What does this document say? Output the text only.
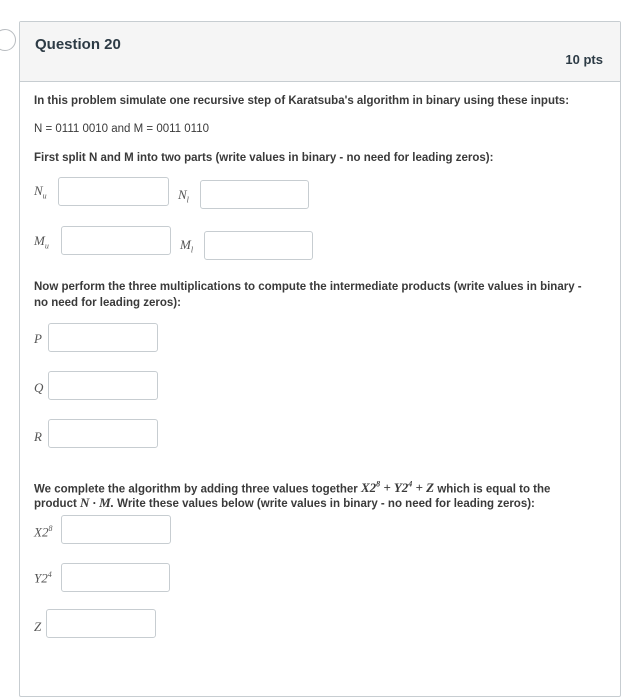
Question 20
10 pts
In this problem simulate one recursive step of Karatsuba's algorithm in binary using these inputs:
N = 0111 0010 and M = 0011 0110
First split N and M into two parts (write values in binary - no need for leading zeros):
$N_u$	$N_l$
$M_u$	$M_l$
Now perform the three multiplications to compute the intermediate products (write values in binary -
no need for leading zeros):
P
Q
R
We complete the algorithm by adding three values together $X2^8 + Y2^4 + Z$ which is equal to the
product N · M. Write these values below (write values in binary - no need for leading zeros):
$X2^8$
$Y2^4$
Z
